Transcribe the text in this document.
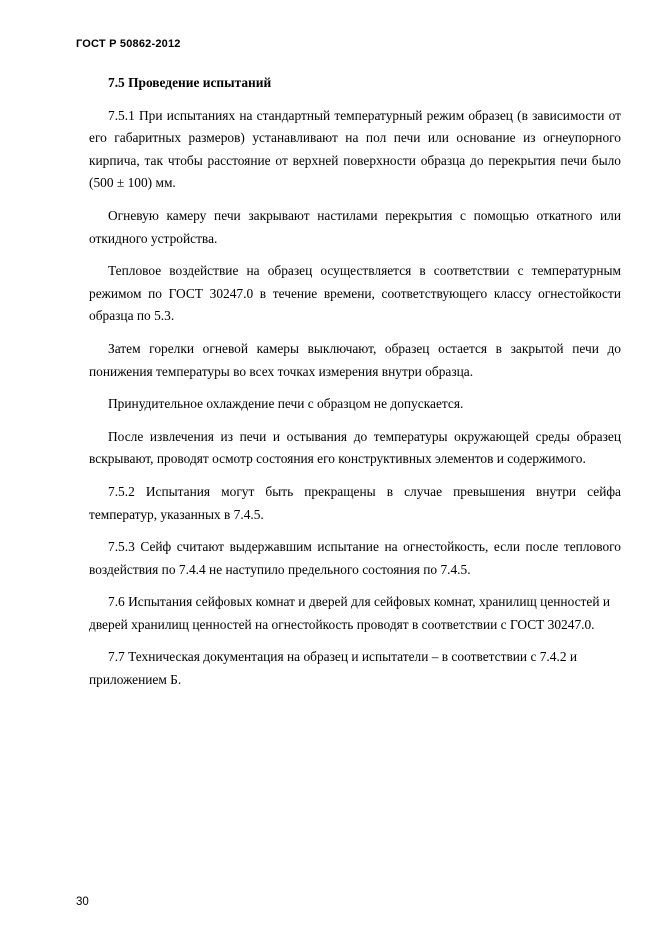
ГОСТ Р 50862-2012
7.5 Проведение испытаний

7.5.1 При испытаниях на стандартный температурный режим образец (в зависимости от его габаритных размеров) устанавливают на пол печи или основание из огнеупорного кирпича, так чтобы расстояние от верхней поверхности образца до перекрытия печи было (500 ± 100) мм.

Огневую камеру печи закрывают настилами перекрытия с помощью откатного или откидного устройства.

Тепловое воздействие на образец осуществляется в соответствии с температурным режимом по ГОСТ 30247.0 в течение времени, соответствующего классу огнестойкости образца по 5.3.

Затем горелки огневой камеры выключают, образец остается в закрытой печи до понижения температуры во всех точках измерения внутри образца.

Принудительное охлаждение печи с образцом не допускается.

После извлечения из печи и остывания до температуры окружающей среды образец вскрывают, проводят осмотр состояния его конструктивных элементов и содержимого.

7.5.2 Испытания могут быть прекращены в случае превышения внутри сейфа температур, указанных в 7.4.5.

7.5.3 Сейф считают выдержавшим испытание на огнестойкость, если после теплового воздействия по 7.4.4 не наступило предельного состояния по 7.4.5.

7.6 Испытания сейфовых комнат и дверей для сейфовых комнат, хранилищ ценностей и дверей хранилищ ценностей на огнестойкость проводят в соответствии с ГОСТ 30247.0.

7.7 Техническая документация на образец и испытатели – в соответствии с 7.4.2 и приложением Б.

30
